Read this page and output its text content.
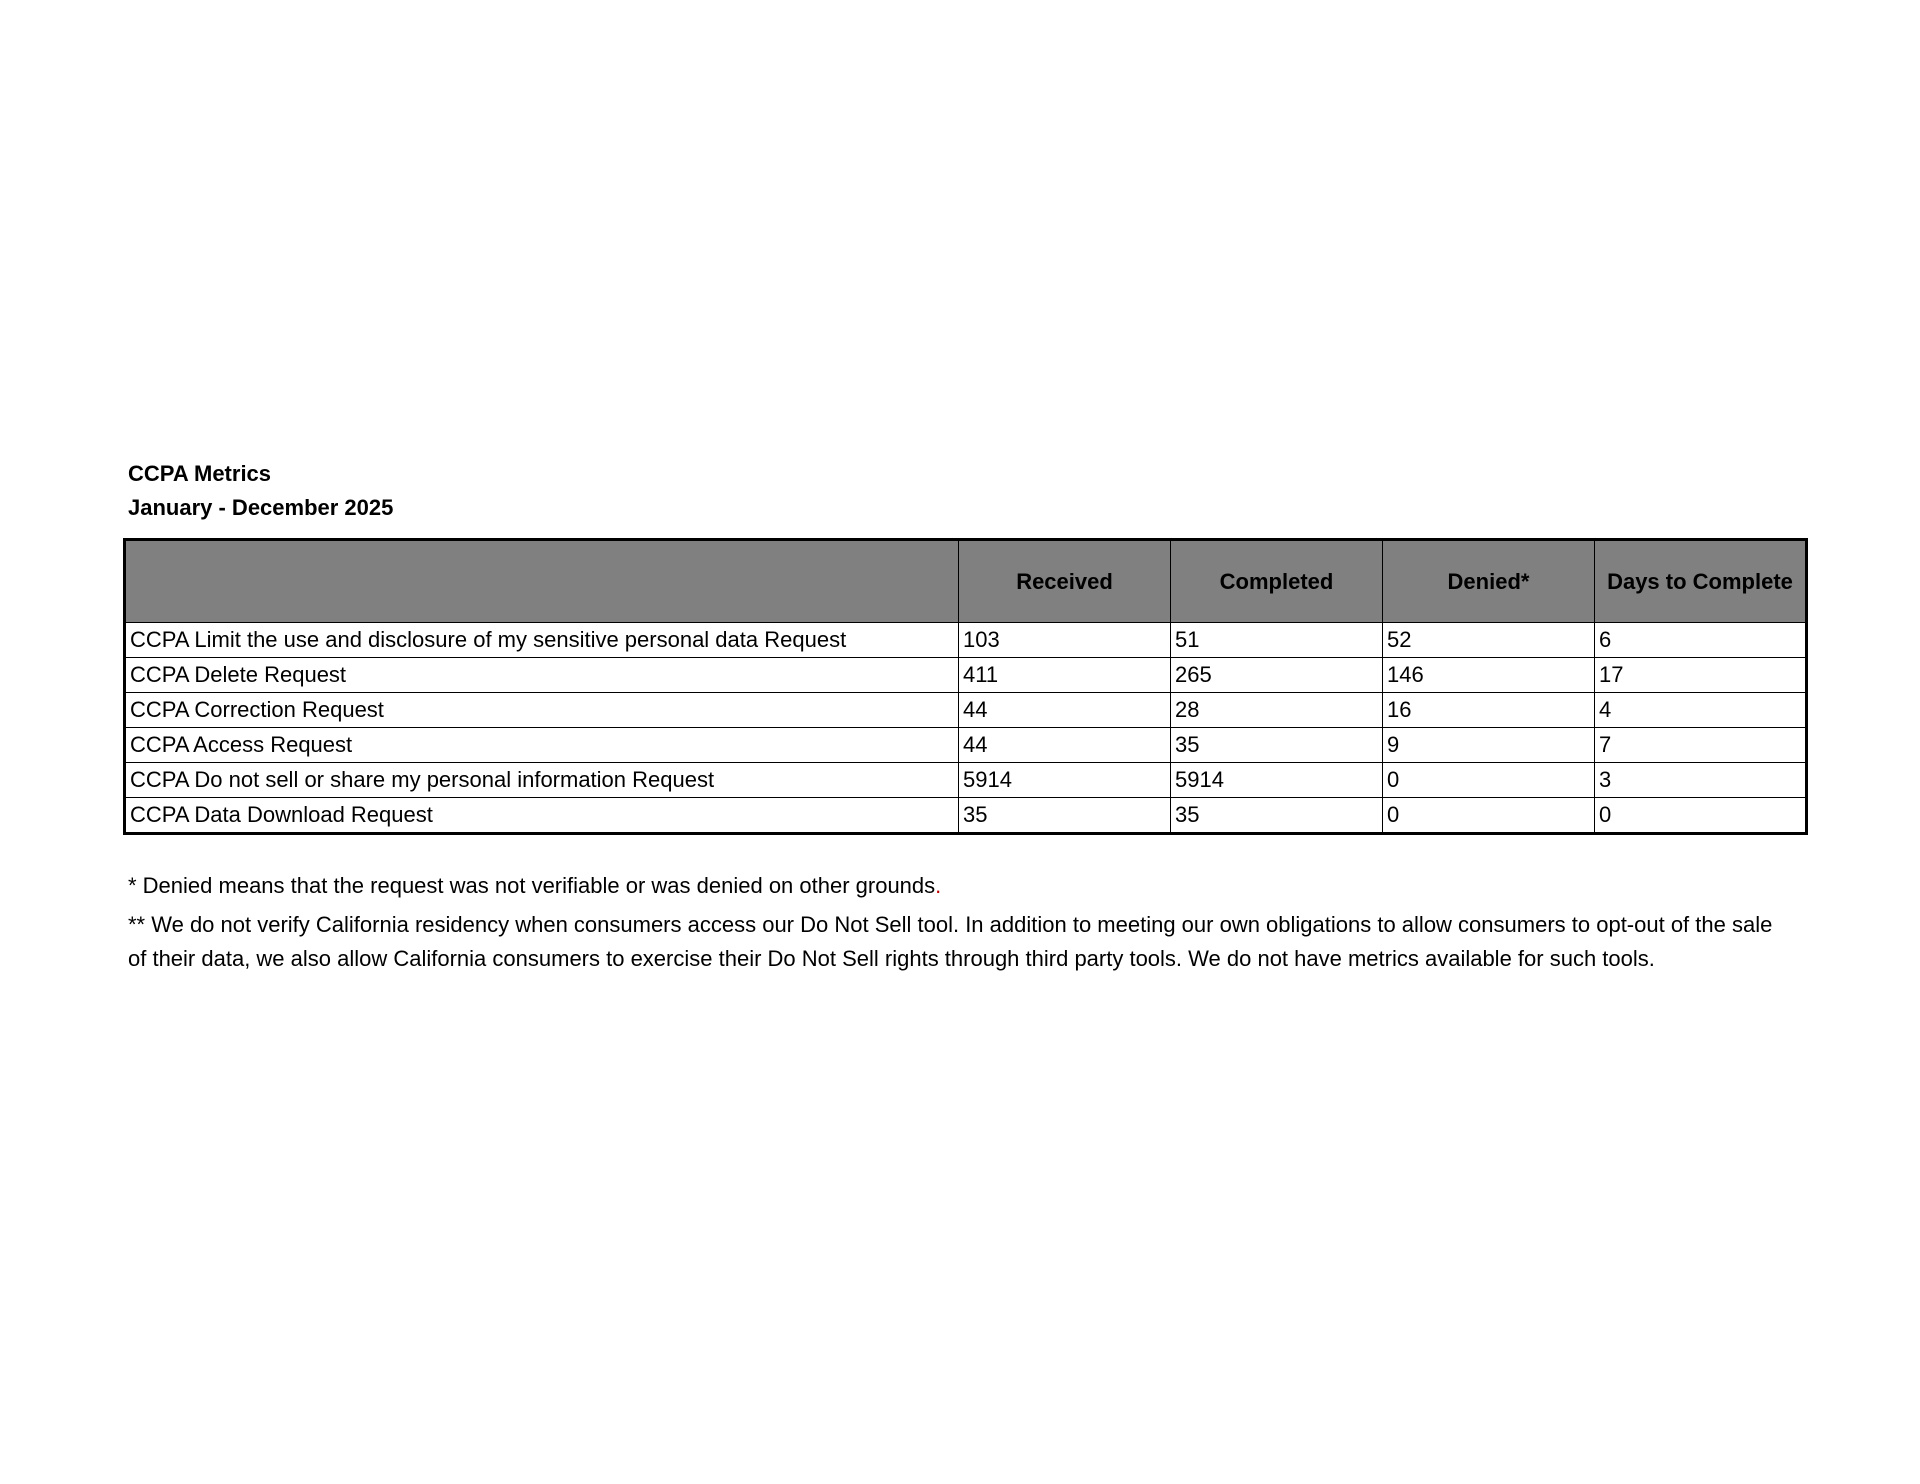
CCPA Metrics
January - December 2025
	Received	Completed	Denied*	Days to Complete
CCPA Limit the use and disclosure of my sensitive personal data Request	103	51	52	6
CCPA Delete Request	411	265	146	17
CCPA Correction Request	44	28	16	4
CCPA Access Request	44	35	9	7
CCPA Do not sell or share my personal information Request	5914	5914	0	3
CCPA Data Download Request	35	35	0	0

* Denied means that the request was not verifiable or was denied on other grounds.

** We do not verify California residency when consumers access our Do Not Sell tool. In addition to meeting our own obligations to allow consumers to opt-out of the sale of their data, we also allow California consumers to exercise their Do Not Sell rights through third party tools. We do not have metrics available for such tools.
